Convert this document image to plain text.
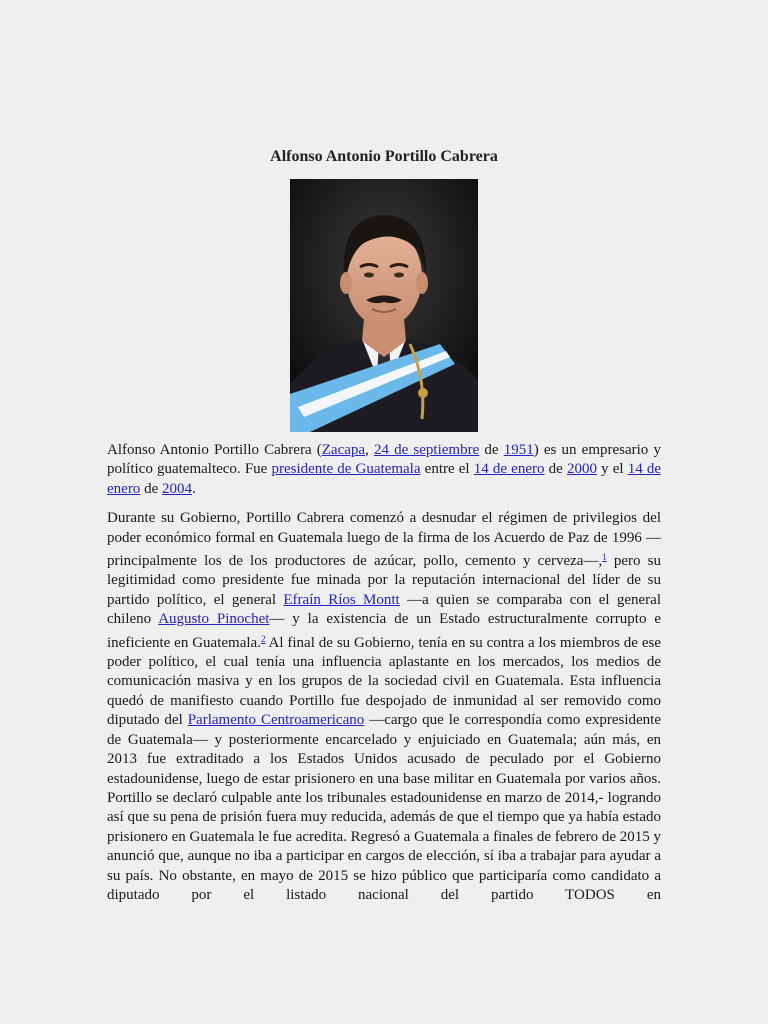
Alfonso Antonio Portillo Cabrera

Alfonso Antonio Portillo Cabrera (Zacapa, 24 de septiembre de 1951) es un empresario y político guatemalteco. Fue presidente de Guatemala entre el 14 de enero de 2000 y el 14 de enero de 2004.

Durante su Gobierno, Portillo Cabrera comenzó a desnudar el régimen de privilegios del poder económico formal en Guatemala luego de la firma de los Acuerdo de Paz de 1996 —principalmente los de los productores de azúcar, pollo, cemento y cerveza—,$^1$ pero su legitimidad como presidente fue minada por la reputación internacional del líder de su partido político, el general Efraín Ríos Montt —a quien se comparaba con el general chileno Augusto Pinochet— y la existencia de un Estado estructuralmente corrupto e ineficiente en Guatemala.$^2$ Al final de su Gobierno, tenía en su contra a los miembros de ese poder político, el cual tenía una influencia aplastante en los mercados, los medios de comunicación masiva y en los grupos de la sociedad civil en Guatemala. Esta influencia quedó de manifiesto cuando Portillo fue despojado de inmunidad al ser removido como diputado del Parlamento Centroamericano —cargo que le correspondía como expresidente de Guatemala— y posteriormente encarcelado y enjuiciado en Guatemala; aún más, en 2013 fue extraditado a los Estados Unidos acusado de peculado por el Gobierno estadounidense, luego de estar prisionero en una base militar en Guatemala por varios años. Portillo se declaró culpable ante los tribunales estadounidense en marzo de 2014,- logrando así que su pena de prisión fuera muy reducida, además de que el tiempo que ya había estado prisionero en Guatemala le fue acredita. Regresó a Guatemala a finales de febrero de 2015 y anunció que, aunque no iba a participar en cargos de elección, sí iba a trabajar para ayudar a su país. No obstante, en mayo de 2015 se hizo público que participaría como candidato a diputado por el listado nacional del partido TODOS en
